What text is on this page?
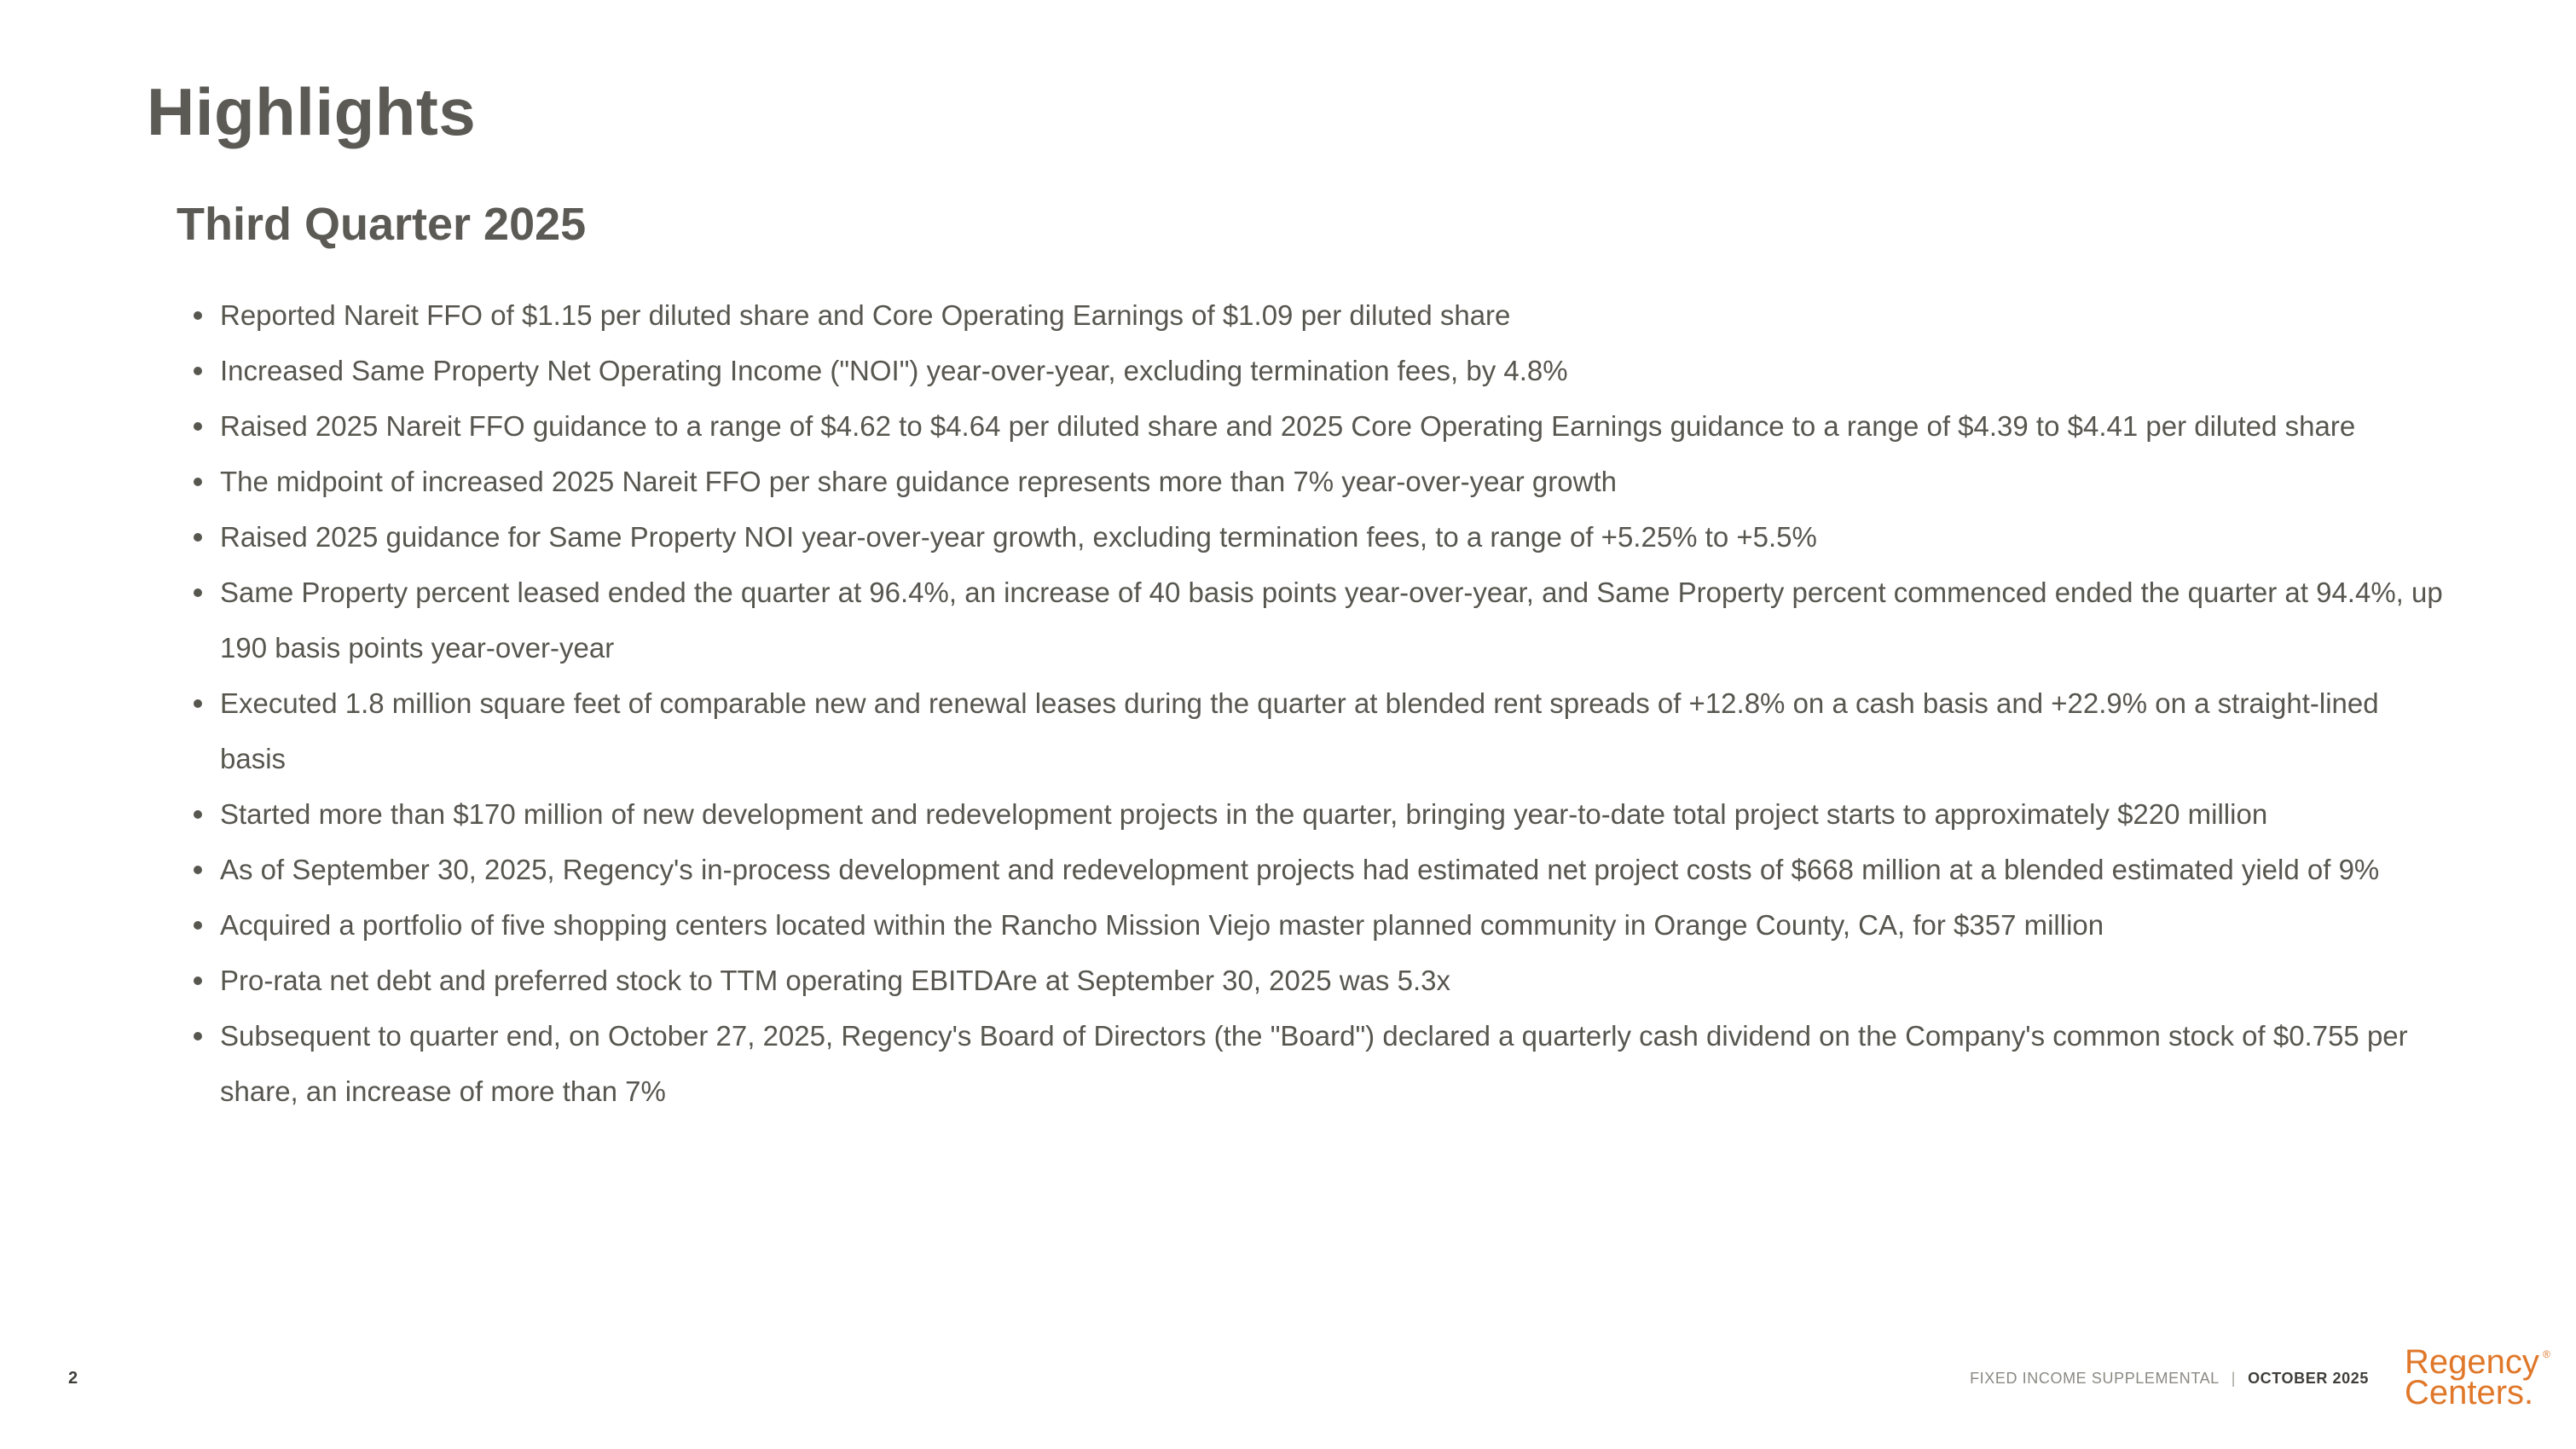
Highlights
Third Quarter 2025
Reported Nareit FFO of $1.15 per diluted share and Core Operating Earnings of $1.09 per diluted share
Increased Same Property Net Operating Income ("NOI") year-over-year, excluding termination fees, by 4.8%
Raised 2025 Nareit FFO guidance to a range of $4.62 to $4.64 per diluted share and 2025 Core Operating Earnings guidance to a range of $4.39 to $4.41 per diluted share
The midpoint of increased 2025 Nareit FFO per share guidance represents more than 7% year-over-year growth
Raised 2025 guidance for Same Property NOI year-over-year growth, excluding termination fees, to a range of +5.25% to +5.5%
Same Property percent leased ended the quarter at 96.4%, an increase of 40 basis points year-over-year, and Same Property percent commenced ended the quarter at 94.4%, up 190 basis points year-over-year
Executed 1.8 million square feet of comparable new and renewal leases during the quarter at blended rent spreads of +12.8% on a cash basis and +22.9% on a straight-lined basis
Started more than $170 million of new development and redevelopment projects in the quarter, bringing year-to-date total project starts to approximately $220 million
As of September 30, 2025, Regency's in-process development and redevelopment projects had estimated net project costs of $668 million at a blended estimated yield of 9%
Acquired a portfolio of five shopping centers located within the Rancho Mission Viejo master planned community in Orange County, CA, for $357 million
Pro-rata net debt and preferred stock to TTM operating EBITDAre at September 30, 2025 was 5.3x
Subsequent to quarter end, on October 27, 2025, Regency's Board of Directors (the "Board") declared a quarterly cash dividend on the Company's common stock of $0.755 per share, an increase of more than 7%
2	FIXED INCOME SUPPLEMENTAL | OCTOBER 2025 Regency ®
Centers.
